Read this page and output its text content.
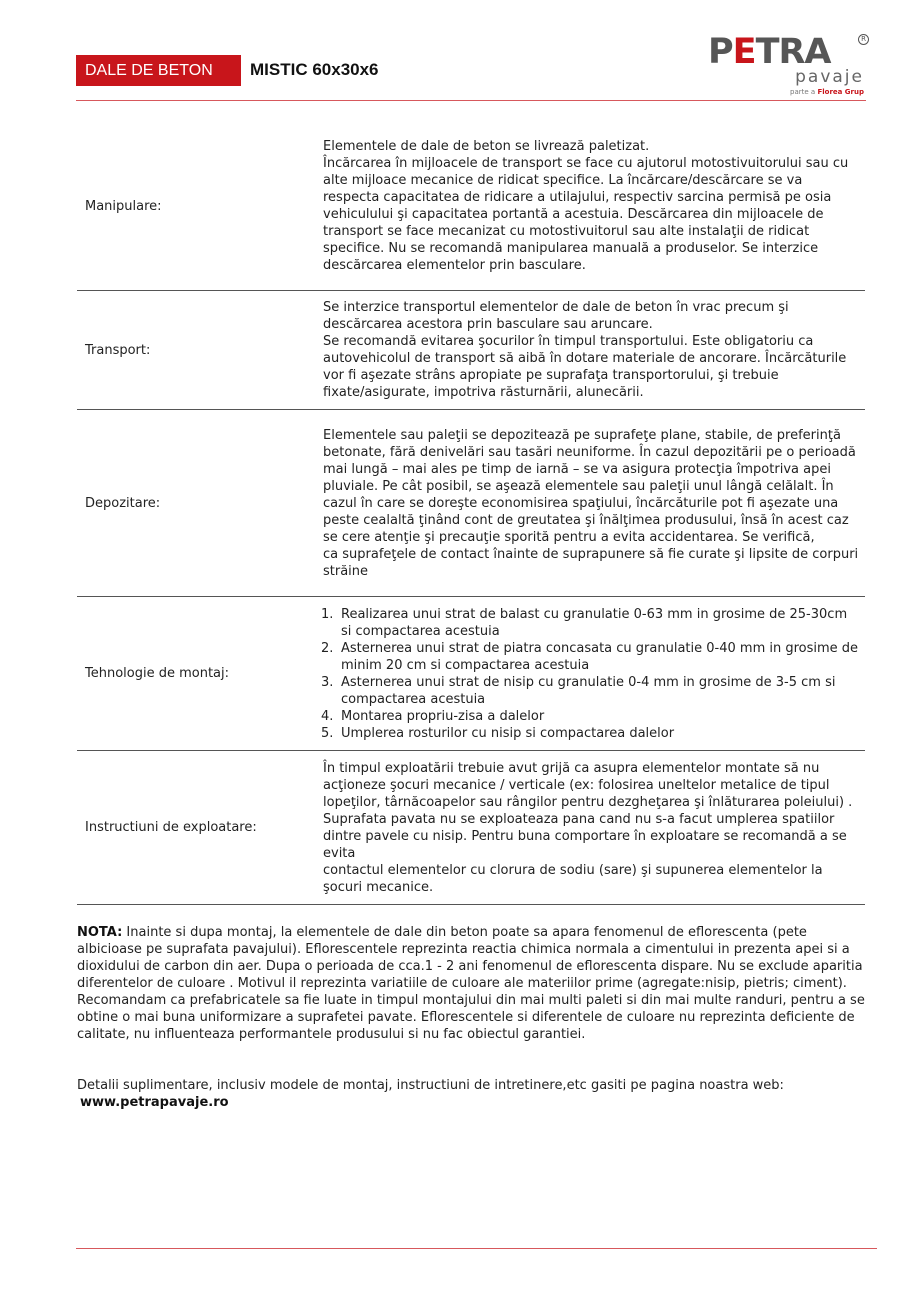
DALE DE BETON	MISTIC 60x30x6	PETRA	R
pavaje
parte a Florea Grup
Manipulare:
Elementele de dale de beton se livrează paletizat.
Încărcarea în mijloacele de transport se face cu ajutorul motostivuitorului sau cu alte mijloace mecanice de ridicat specifice. La încărcare/descărcare se va respecta capacitatea de ridicare a utilajului, respectiv sarcina permisă pe osia vehiculului şi capacitatea portantă a acestuia. Descărcarea din mijloacele de transport se face mecanizat cu motostivuitorul sau alte instalaţii de ridicat specifice. Nu se recomandă manipularea manuală a produselor. Se interzice descărcarea elementelor prin basculare.
Transport:
Se interzice transportul elementelor de dale de beton în vrac precum şi descărcarea acestora prin basculare sau aruncare.
Se recomandă evitarea şocurilor în timpul transportului. Este obligatoriu ca autovehicolul de transport să aibă în dotare materiale de ancorare. Încărcăturile vor fi aşezate strâns apropiate pe suprafaţa transportorului, şi trebuie fixate/asigurate, impotriva răsturnării, alunecării.
Depozitare:
Elementele sau paleţii se depozitează pe suprafeţe plane, stabile, de preferinţă betonate, fără denivelări sau tasări neuniforme. În cazul depozitării pe o perioadă mai lungă – mai ales pe timp de iarnă – se va asigura protecţia împotriva apei pluviale. Pe cât posibil, se aşează elementele sau paleţii unul lângă celălalt. În cazul în care se doreşte economisirea spaţiului, încărcăturile pot fi aşezate una peste cealaltă ţinând cont de greutatea şi înălţimea produsului, însă în acest caz se cere atenţie şi precauţie sporită pentru a evita accidentarea. Se verifică,
ca suprafeţele de contact înainte de suprapunere să fie curate şi lipsite de corpuri străine
Tehnologie de montaj:
Realizarea unui strat de balast cu granulatie 0-63 mm in grosime de 25-30cm si compactarea acestuia
Asternerea unui strat de piatra concasata cu granulatie 0-40 mm in grosime de minim 20 cm si compactarea acestuia
Asternerea unui strat de nisip cu granulatie 0-4 mm in grosime de 3-5 cm si compactarea acestuia
Montarea propriu-zisa a dalelor
Umplerea rosturilor cu nisip si compactarea dalelor
Instructiuni de exploatare:
În timpul exploatării trebuie avut grijă ca asupra elementelor montate să nu acţioneze şocuri mecanice / verticale (ex: folosirea uneltelor metalice de tipul lopeţilor, târnăcoapelor sau rângilor pentru dezgheţarea şi înlăturarea poleiului) . Suprafata pavata nu se exploateaza pana cand nu s-a facut umplerea spatiilor dintre pavele cu nisip. Pentru buna comportare în exploatare se recomandă a se evita
contactul elementelor cu clorura de sodiu (sare) şi supunerea elementelor la şocuri mecanice.
NOTA: Inainte si dupa montaj, la elementele de dale din beton poate sa apara fenomenul de eflorescenta (pete albicioase pe suprafata pavajului). Eflorescentele reprezinta reactia chimica normala a cimentului in prezenta apei si a dioxidului de carbon din aer. Dupa o perioada de cca.1 - 2 ani fenomenul de eflorescenta dispare. Nu se exclude aparitia diferentelor de culoare . Motivul il reprezinta variatiile de culoare ale materiilor prime (agregate:nisip, pietris; ciment). Recomandam ca prefabricatele sa fie luate in timpul montajului din mai multi paleti si din mai multe randuri, pentru a se obtine o mai buna uniformizare a suprafetei pavate. Eflorescentele si diferentele de culoare nu reprezinta deficiente de calitate, nu influenteaza performantele produsului si nu fac obiectul garantiei.
Detalii suplimentare, inclusiv modele de montaj, instructiuni de intretinere,etc gasiti pe pagina noastra web:
www.petrapavaje.ro
